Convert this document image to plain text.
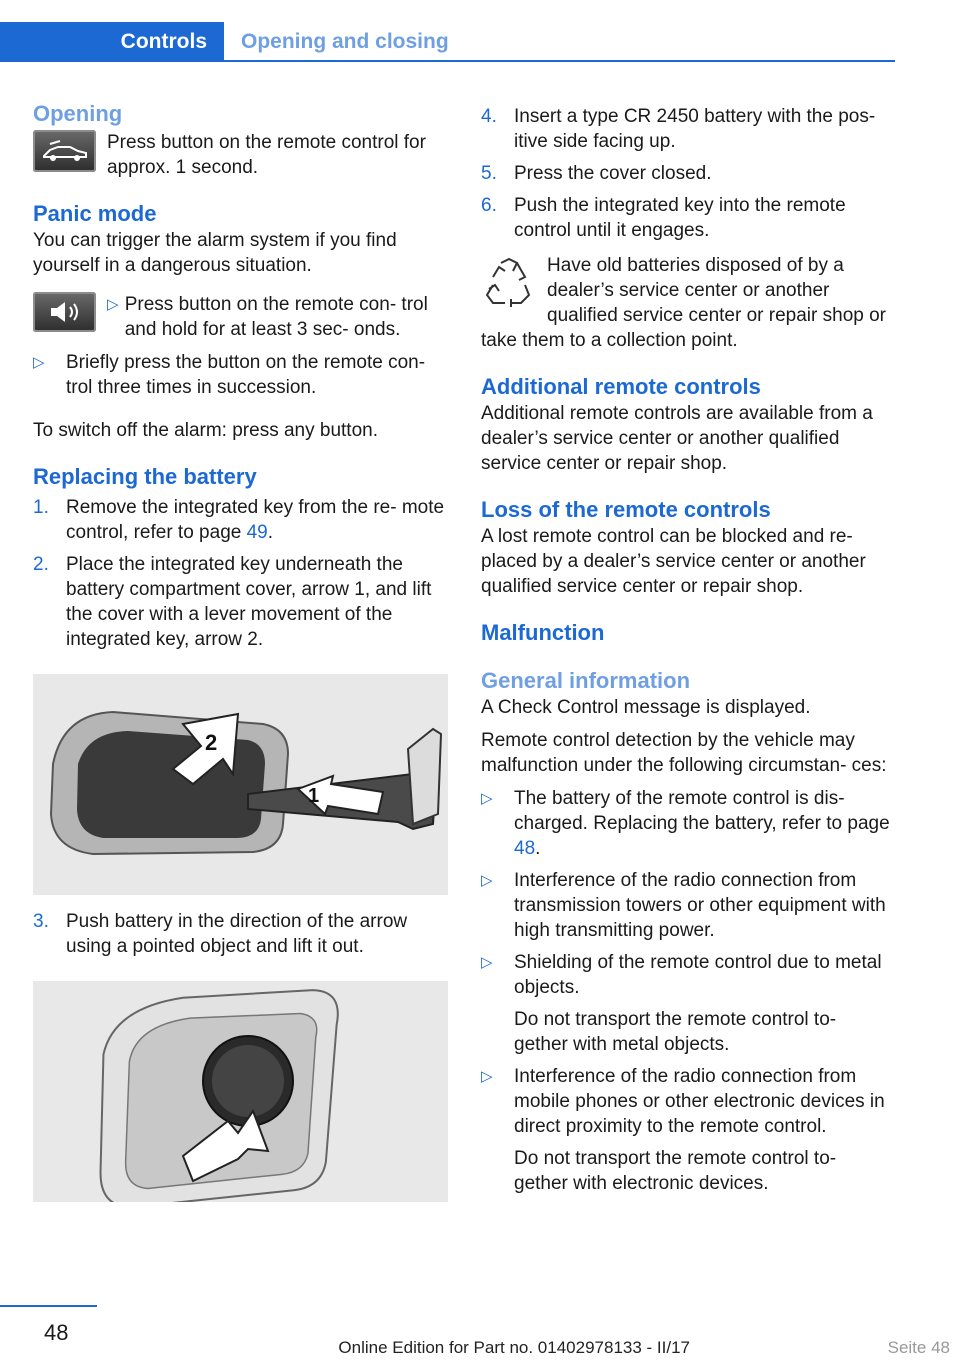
Controls Opening and closing
Opening
Press button on the remote control for approx. 1 second.
Panic mode
You can trigger the alarm system if you find yourself in a dangerous situation.
▷ Press button on the remote con- trol and hold for at least 3 sec- onds.
▷	Briefly press the button on the remote con- trol three times in succession.
To switch off the alarm: press any button.
Replacing the battery
1. Remove the integrated key from the re- mote control, refer to page 49.
2. Place the integrated key underneath the battery compartment cover, arrow 1, and lift the cover with a lever movement of the integrated key, arrow 2.
2
1
3. Push battery in the direction of the arrow using a pointed object and lift it out.
4. Insert a type CR 2450 battery with the pos- itive side facing up.
5. Press the cover closed.
6. Push the integrated key into the remote control until it engages.
Have old batteries disposed of by a dealer’s service center or another qualified service center or repair shop or take them to a collection point.
Additional remote controls
Additional remote controls are available from a dealer’s service center or another qualified service center or repair shop.
Loss of the remote controls
A lost remote control can be blocked and re- placed by a dealer’s service center or another qualified service center or repair shop.
Malfunction
General information
A Check Control message is displayed.
Remote control detection by the vehicle may malfunction under the following circumstan- ces:
▷	The battery of the remote control is dis- charged. Replacing the battery, refer to page 48.
▷	Interference of the radio connection from transmission towers or other equipment with high transmitting power.
▷	Shielding of the remote control due to metal objects.
Do not transport the remote control to- gether with metal objects.
▷	Interference of the radio connection from mobile phones or other electronic devices in direct proximity to the remote control.
Do not transport the remote control to- gether with electronic devices.
48
Online Edition for Part no. 01402978133 - II/17	Seite 48
